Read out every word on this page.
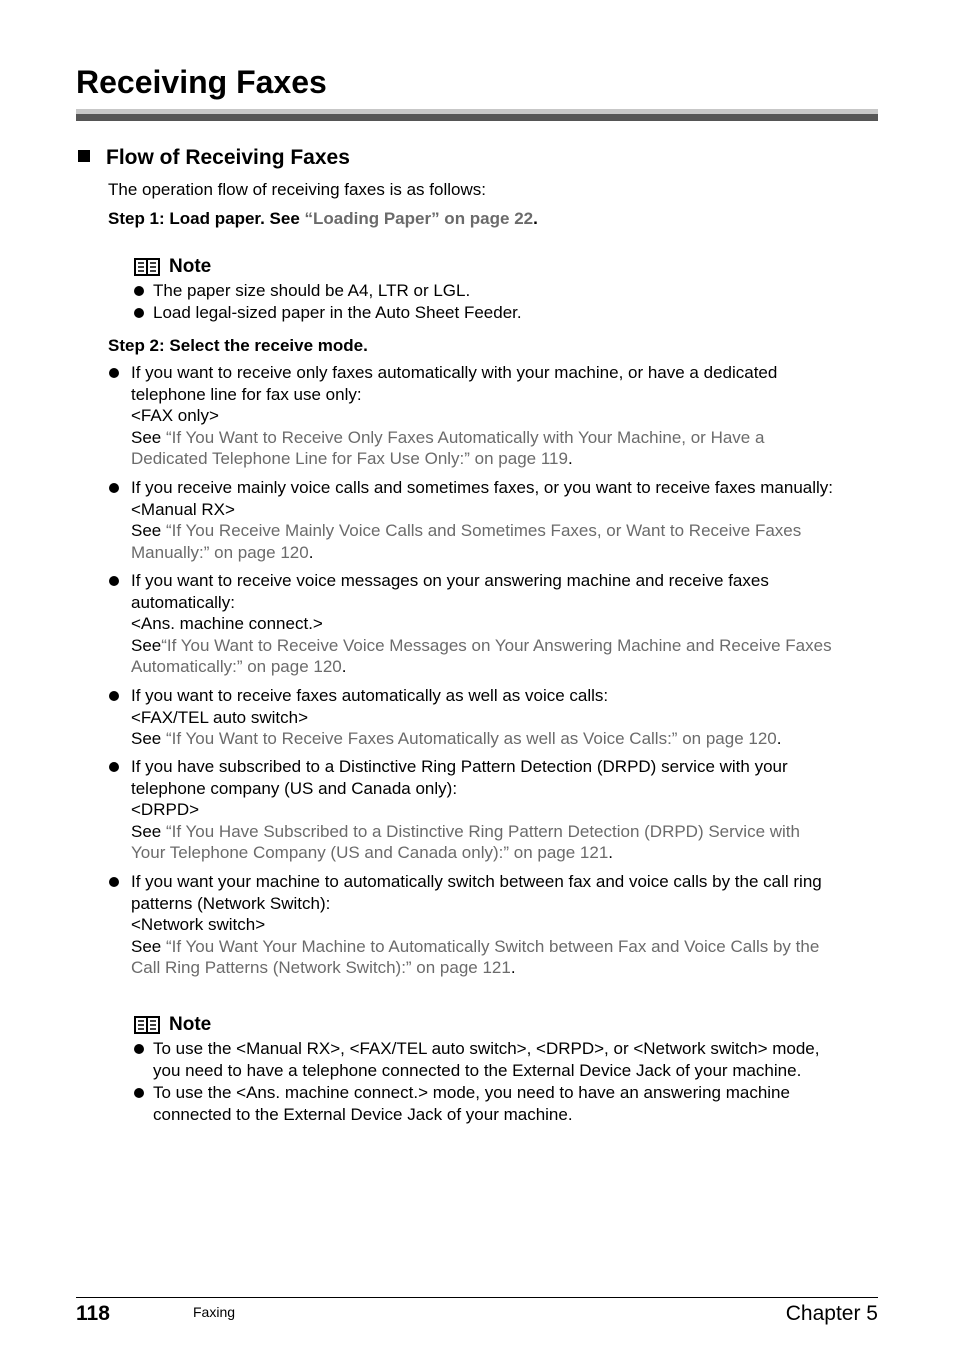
Receiving Faxes
Flow of Receiving Faxes
The operation flow of receiving faxes is as follows:
Step 1: Load paper. See “Loading Paper” on page 22.
Note
The paper size should be A4, LTR or LGL.
Load legal-sized paper in the Auto Sheet Feeder.
Step 2: Select the receive mode.
If you want to receive only faxes automatically with your machine, or have a dedicated
telephone line for fax use only:
<FAX only>
See “If You Want to Receive Only Faxes Automatically with Your Machine, or Have a
Dedicated Telephone Line for Fax Use Only:” on page 119.
If you receive mainly voice calls and sometimes faxes, or you want to receive faxes manually:
<Manual RX>
See “If You Receive Mainly Voice Calls and Sometimes Faxes, or Want to Receive Faxes
Manually:” on page 120.
If you want to receive voice messages on your answering machine and receive faxes
automatically:
<Ans. machine connect.>
See“If You Want to Receive Voice Messages on Your Answering Machine and Receive Faxes
Automatically:” on page 120.
If you want to receive faxes automatically as well as voice calls:
<FAX/TEL auto switch>
See “If You Want to Receive Faxes Automatically as well as Voice Calls:” on page 120.
If you have subscribed to a Distinctive Ring Pattern Detection (DRPD) service with your
telephone company (US and Canada only):
<DRPD>
See “If You Have Subscribed to a Distinctive Ring Pattern Detection (DRPD) Service with
Your Telephone Company (US and Canada only):” on page 121.
If you want your machine to automatically switch between fax and voice calls by the call ring
patterns (Network Switch):
<Network switch>
See “If You Want Your Machine to Automatically Switch between Fax and Voice Calls by the
Call Ring Patterns (Network Switch):” on page 121.
Note
To use the <Manual RX>, <FAX/TEL auto switch>, <DRPD>, or <Network switch> mode,
you need to have a telephone connected to the External Device Jack of your machine.
To use the <Ans. machine connect.> mode, you need to have an answering machine
connected to the External Device Jack of your machine.
118	Faxing	Chapter 5
